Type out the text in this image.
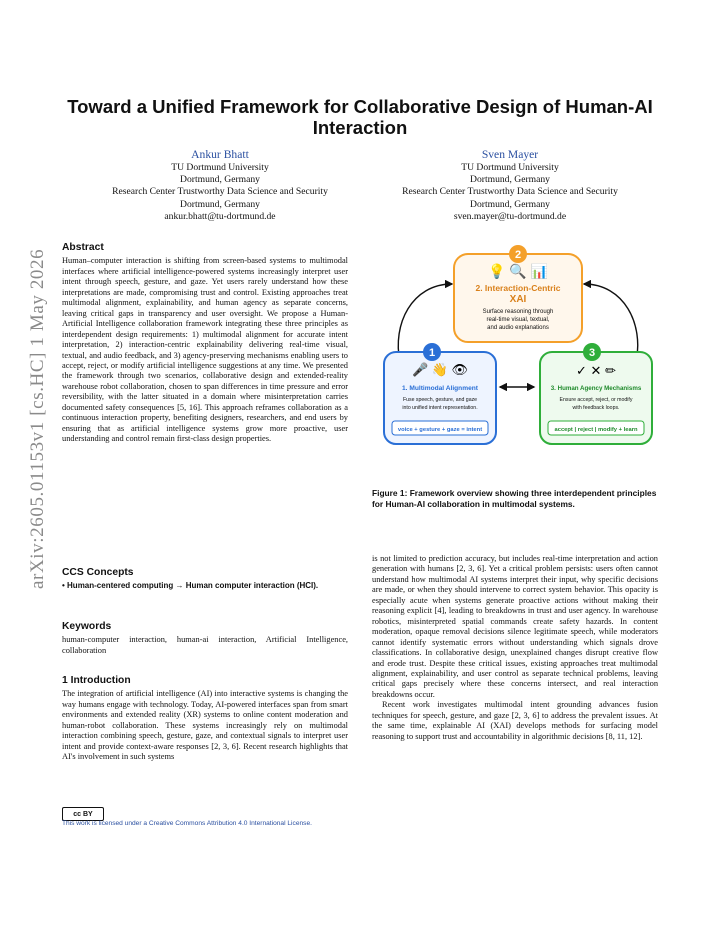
arXiv:2605.01153v1 [cs.HC] 1 May 2026
Toward a Unified Framework for Collaborative Design of Human-AI Interaction
Ankur Bhatt
TU Dortmund University
Dortmund, Germany
Research Center Trustworthy Data Science and Security
Dortmund, Germany
ankur.bhatt@tu-dortmund.de
Sven Mayer
TU Dortmund University
Dortmund, Germany
Research Center Trustworthy Data Science and Security
Dortmund, Germany
sven.mayer@tu-dortmund.de
Abstract

Human–computer interaction is shifting from screen-based systems to multimodal interfaces where artificial intelligence-powered systems increasingly interpret user intent through speech, gesture, and gaze. Yet users rarely understand how these interpretations are made, compromising trust and control. Existing approaches treat multimodal alignment, explainability, and human agency as separate concerns, leaving critical gaps in transparency and user oversight. We propose a Human-Artificial Intelligence collaboration framework integrating these three principles as interdependent design requirements: 1) multimodal alignment for accurate intent interpretation, 2) interaction-centric explainability delivering real-time visual, textual, and audio feedback, and 3) agency-preserving mechanisms enabling users to accept, reject, or modify artificial intelligence suggestions at any time. We presented the framework through two scenarios, collaborative design and extended-reality warehouse robot collaboration, chosen to span differences in time pressure and error reversibility, with the latter situated in a domain where misinterpretation carries documented safety consequences [5, 16]. This approach reframes collaboration as a continuous interaction property, benefiting designers, researchers, and end users by ensuring that as artificial intelligence systems grow more proactive, user understanding and control remain first-class design properties.

CCS Concepts

• Human-centered computing → Human computer interaction (HCI).

Keywords

human-computer interaction, human-ai interaction, Artificial Intelligence, collaboration

1 Introduction

The integration of artificial intelligence (AI) into interactive systems is changing the way humans engage with technology. Today, AI-powered interfaces span from smart environments and extended reality (XR) systems to online content moderation and human-robot collaboration. These systems increasingly rely on multimodal interaction combining speech, gesture, gaze, and contextual signals to interpret user intent and provide context-aware responses [2, 3, 6]. Recent research highlights that AI's involvement in such systems

cc BY
This work is licensed under a Creative Commons Attribution 4.0 International License.
2
💡 🔍 📊
2. Interaction-Centric
XAI
Surface reasoning through
real-time visual, textual,
and audio explanations
1
🎤 👋 👁
1. Multimodal Alignment
Fuse speech, gesture, and gaze
into unified intent representation.
voice + gesture + gaze = intent
3
✓ ✕ ✏
3. Human Agency Mechanisms
Ensure accept, reject, or modify
with feedback loops.
accept | reject | modify + learn
Figure 1: Framework overview showing three interdependent principles for Human-AI collaboration in multimodal systems.

is not limited to prediction accuracy, but includes real-time interpretation and action generation with humans [2, 3, 6]. Yet a critical problem persists: users often cannot understand how multimodal AI systems interpret their input, why specific decisions are made, or when they should intervene to correct system behavior. This opacity is especially acute when systems generate proactive actions without making their reasoning explicit [4], leading to breakdowns in trust and user agency. In warehouse robotics, misinterpreted spatial commands create safety hazards. In content moderation, opaque removal decisions silence legitimate speech, while moderators cannot identify systematic errors without understanding which signals drove classifications. In collaborative design, unexplained changes disrupt creative flow and erode trust. Despite these critical issues, existing approaches treat multimodal alignment, explainability, and user control as separate technical problems, leaving critical gaps precisely where these concerns intersect, and real interaction breakdowns occur.

Recent work investigates multimodal intent grounding advances fusion techniques for speech, gesture, and gaze [2, 3, 6] to address the prevalent issues. At the same time, explainable AI (XAI) develops methods for surfacing model reasoning to support trust and accountability in algorithmic decisions [8, 11, 12].
